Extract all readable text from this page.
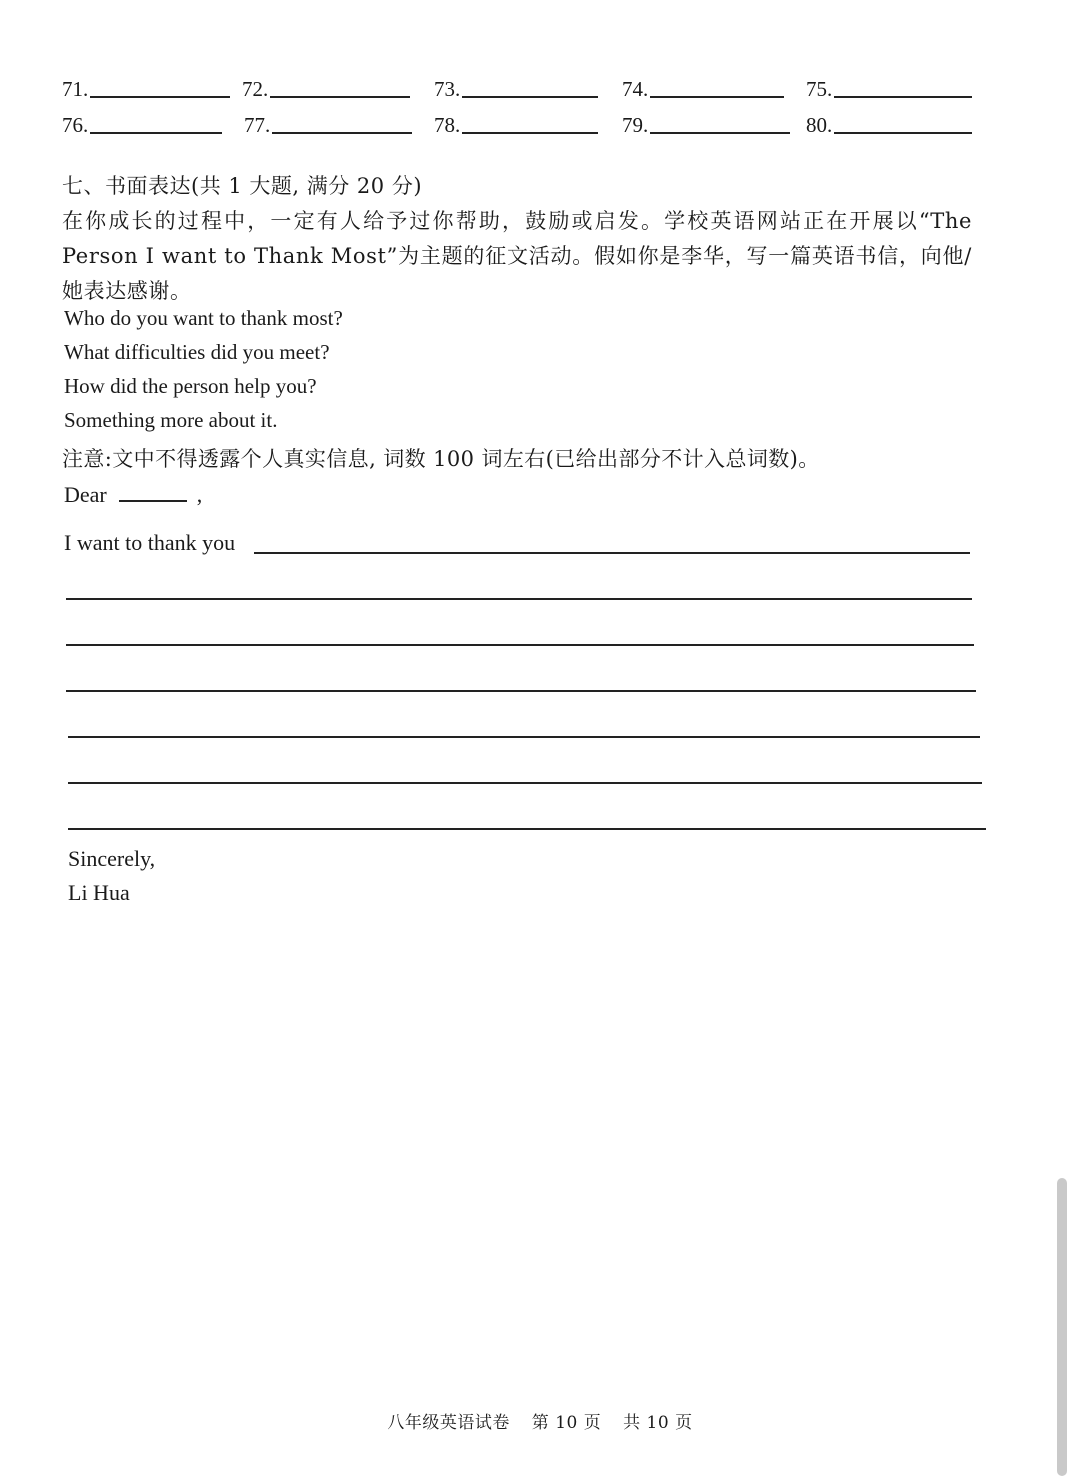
71.	72.	73.	74.	75.
76.	77.	78.	79.	80.
七、书面表达(共 1 大题, 满分 20 分)
在你成长的过程中，一定有人给予过你帮助，鼓励或启发。学校英语网站正在开展以“The Person I want to Thank Most”为主题的征文活动。假如你是李华，写一篇英语书信，向他/她表达感谢。
Who do you want to thank most?
What difficulties did you meet?
How did the person help you?
Something more about it.
注意:文中不得透露个人真实信息, 词数 100 词左右(已给出部分不计入总词数)。
Dear	,
I want to thank you
Sincerely,
Li Hua
八年级英语试卷 第 10 页 共 10 页
